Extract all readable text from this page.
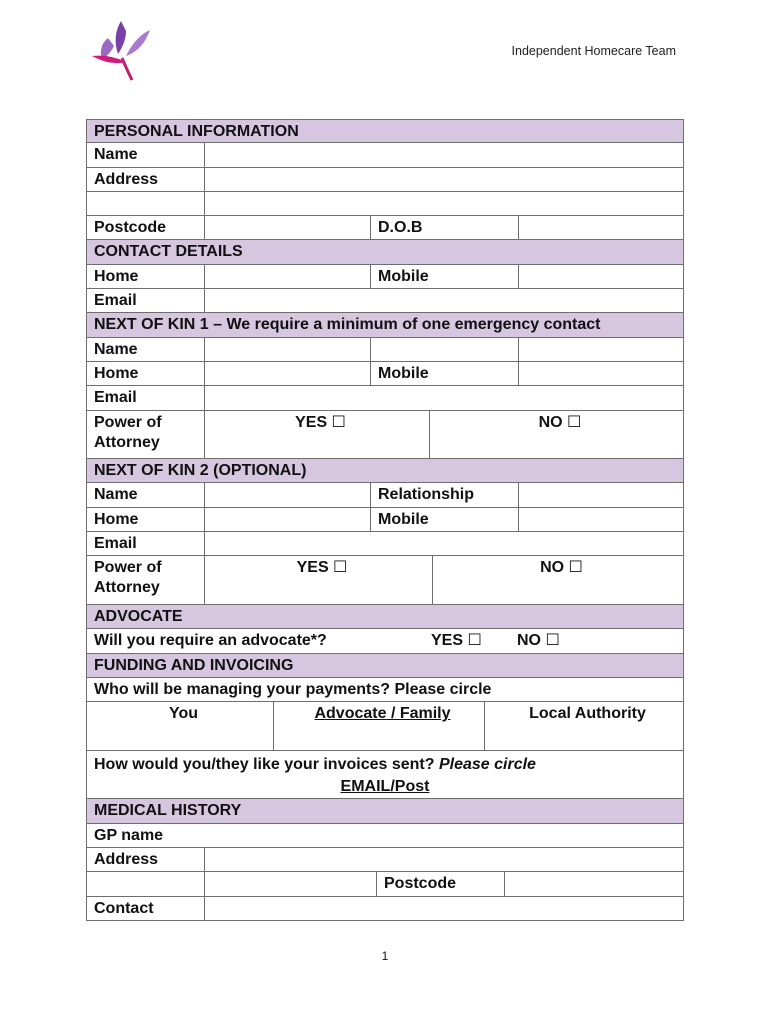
Independent Homecare Team
PERSONAL INFORMATION
Name
Address
Postcode	D.O.B
CONTACT DETAILS
Home	Mobile
Email
NEXT OF KIN 1 – We require a minimum of one emergency contact
Name
Home	Mobile
Email
Power of
Attorney
YES ☐	NO ☐
NEXT OF KIN 2 (OPTIONAL)
Name	Relationship
Home	Mobile
Email
Power of
Attorney
YES ☐	NO ☐
ADVOCATE
Will you require an advocate*?	YES ☐	NO ☐
FUNDING AND INVOICING
Who will be managing your payments? Please circle
You	Advocate / Family	Local Authority
How would you/they like your invoices sent? Please circle
EMAIL/Post
MEDICAL HISTORY
GP name
Address
Postcode
Contact
1
